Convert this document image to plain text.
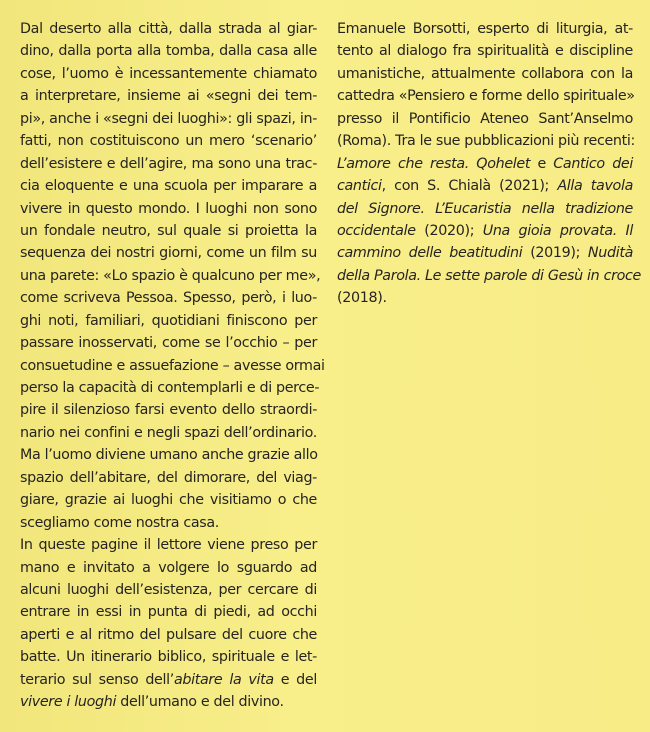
Dal deserto alla città, dalla strada al giar-
dino, dalla porta alla tomba, dalla casa alle
cose, l’uomo è incessantemente chiamato
a interpretare, insieme ai «segni dei tem-
pi», anche i «segni dei luoghi»: gli spazi, in-
fatti, non costituiscono un mero ‘scenario’
dell’esistere e dell’agire, ma sono una trac-
cia eloquente e una scuola per imparare a
vivere in questo mondo. I luoghi non sono
un fondale neutro, sul quale si proietta la
sequenza dei nostri giorni, come un film su
una parete: «Lo spazio è qualcuno per me»,
come scriveva Pessoa. Spesso, però, i luo-
ghi noti, familiari, quotidiani finiscono per
passare inosservati, come se l’occhio – per
consuetudine e assuefazione – avesse ormai
perso la capacità di contemplarli e di perce-
pire il silenzioso farsi evento dello straordi-
nario nei confini e negli spazi dell’ordinario.
Ma l’uomo diviene umano anche grazie allo
spazio dell’abitare, del dimorare, del viag-
giare, grazie ai luoghi che visitiamo o che
scegliamo come nostra casa.
In queste pagine il lettore viene preso per
mano e invitato a volgere lo sguardo ad
alcuni luoghi dell’esistenza, per cercare di
entrare in essi in punta di piedi, ad occhi
aperti e al ritmo del pulsare del cuore che
batte. Un itinerario biblico, spirituale e let-
terario sul senso dell’abitare la vita e del
vivere i luoghi dell’umano e del divino.
Emanuele Borsotti, esperto di liturgia, at-
tento al dialogo fra spiritualità e discipline
umanistiche, attualmente collabora con la
cattedra «Pensiero e forme dello spirituale»
presso il Pontificio Ateneo Sant’Anselmo
(Roma). Tra le sue pubblicazioni più recenti:
L’amore che resta. Qohelet e Cantico dei
cantici, con S. Chialà (2021); Alla tavola
del Signore. L’Eucaristia nella tradizione
occidentale (2020); Una gioia provata. Il
cammino delle beatitudini (2019); Nudità
della Parola. Le sette parole di Gesù in croce
(2018).
